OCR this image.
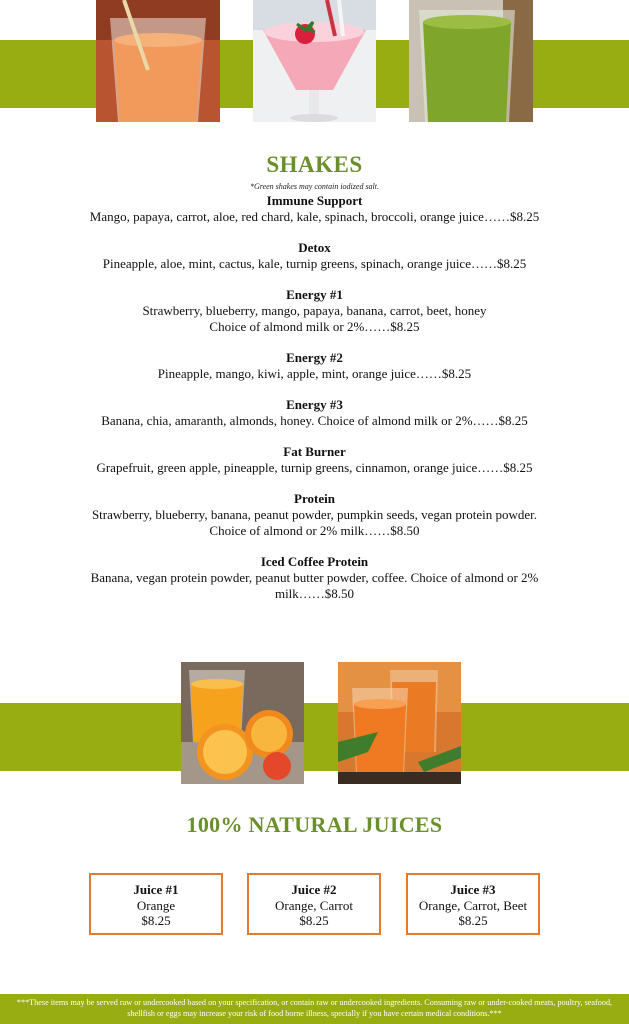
SHAKES
*Green shakes may contain iodized salt.
Immune Support
Mango, papaya, carrot, aloe, red chard, kale, spinach, broccoli, orange juice……$8.25
Detox
Pineapple, aloe, mint, cactus, kale, turnip greens, spinach, orange juice……$8.25
Energy #1
Strawberry, blueberry, mango, papaya, banana, carrot, beet, honey
Choice of almond milk or 2%……$8.25
Energy #2
Pineapple, mango, kiwi, apple, mint, orange juice……$8.25
Energy #3
Banana, chia, amaranth, almonds, honey. Choice of almond milk or 2%……$8.25
Fat Burner
Grapefruit, green apple, pineapple, turnip greens, cinnamon, orange juice……$8.25
Protein
Strawberry, blueberry, banana, peanut powder, pumpkin seeds, vegan protein powder.
Choice of almond or 2% milk……$8.50
Iced Coffee Protein
Banana, vegan protein powder, peanut butter powder, coffee. Choice of almond or 2%
milk……$8.50
100% NATURAL JUICES
Juice #1
Orange
$8.25
Juice #2
Orange, Carrot
$8.25
Juice #3
Orange, Carrot, Beet
$8.25
***These items may be served raw or undercooked based on your specification, or contain raw or undercooked ingredients. Consuming raw or under-cooked meats, poultry, seafood, shellfish or eggs may increase your risk of food borne illness, specially if you have certain medical conditions.***
